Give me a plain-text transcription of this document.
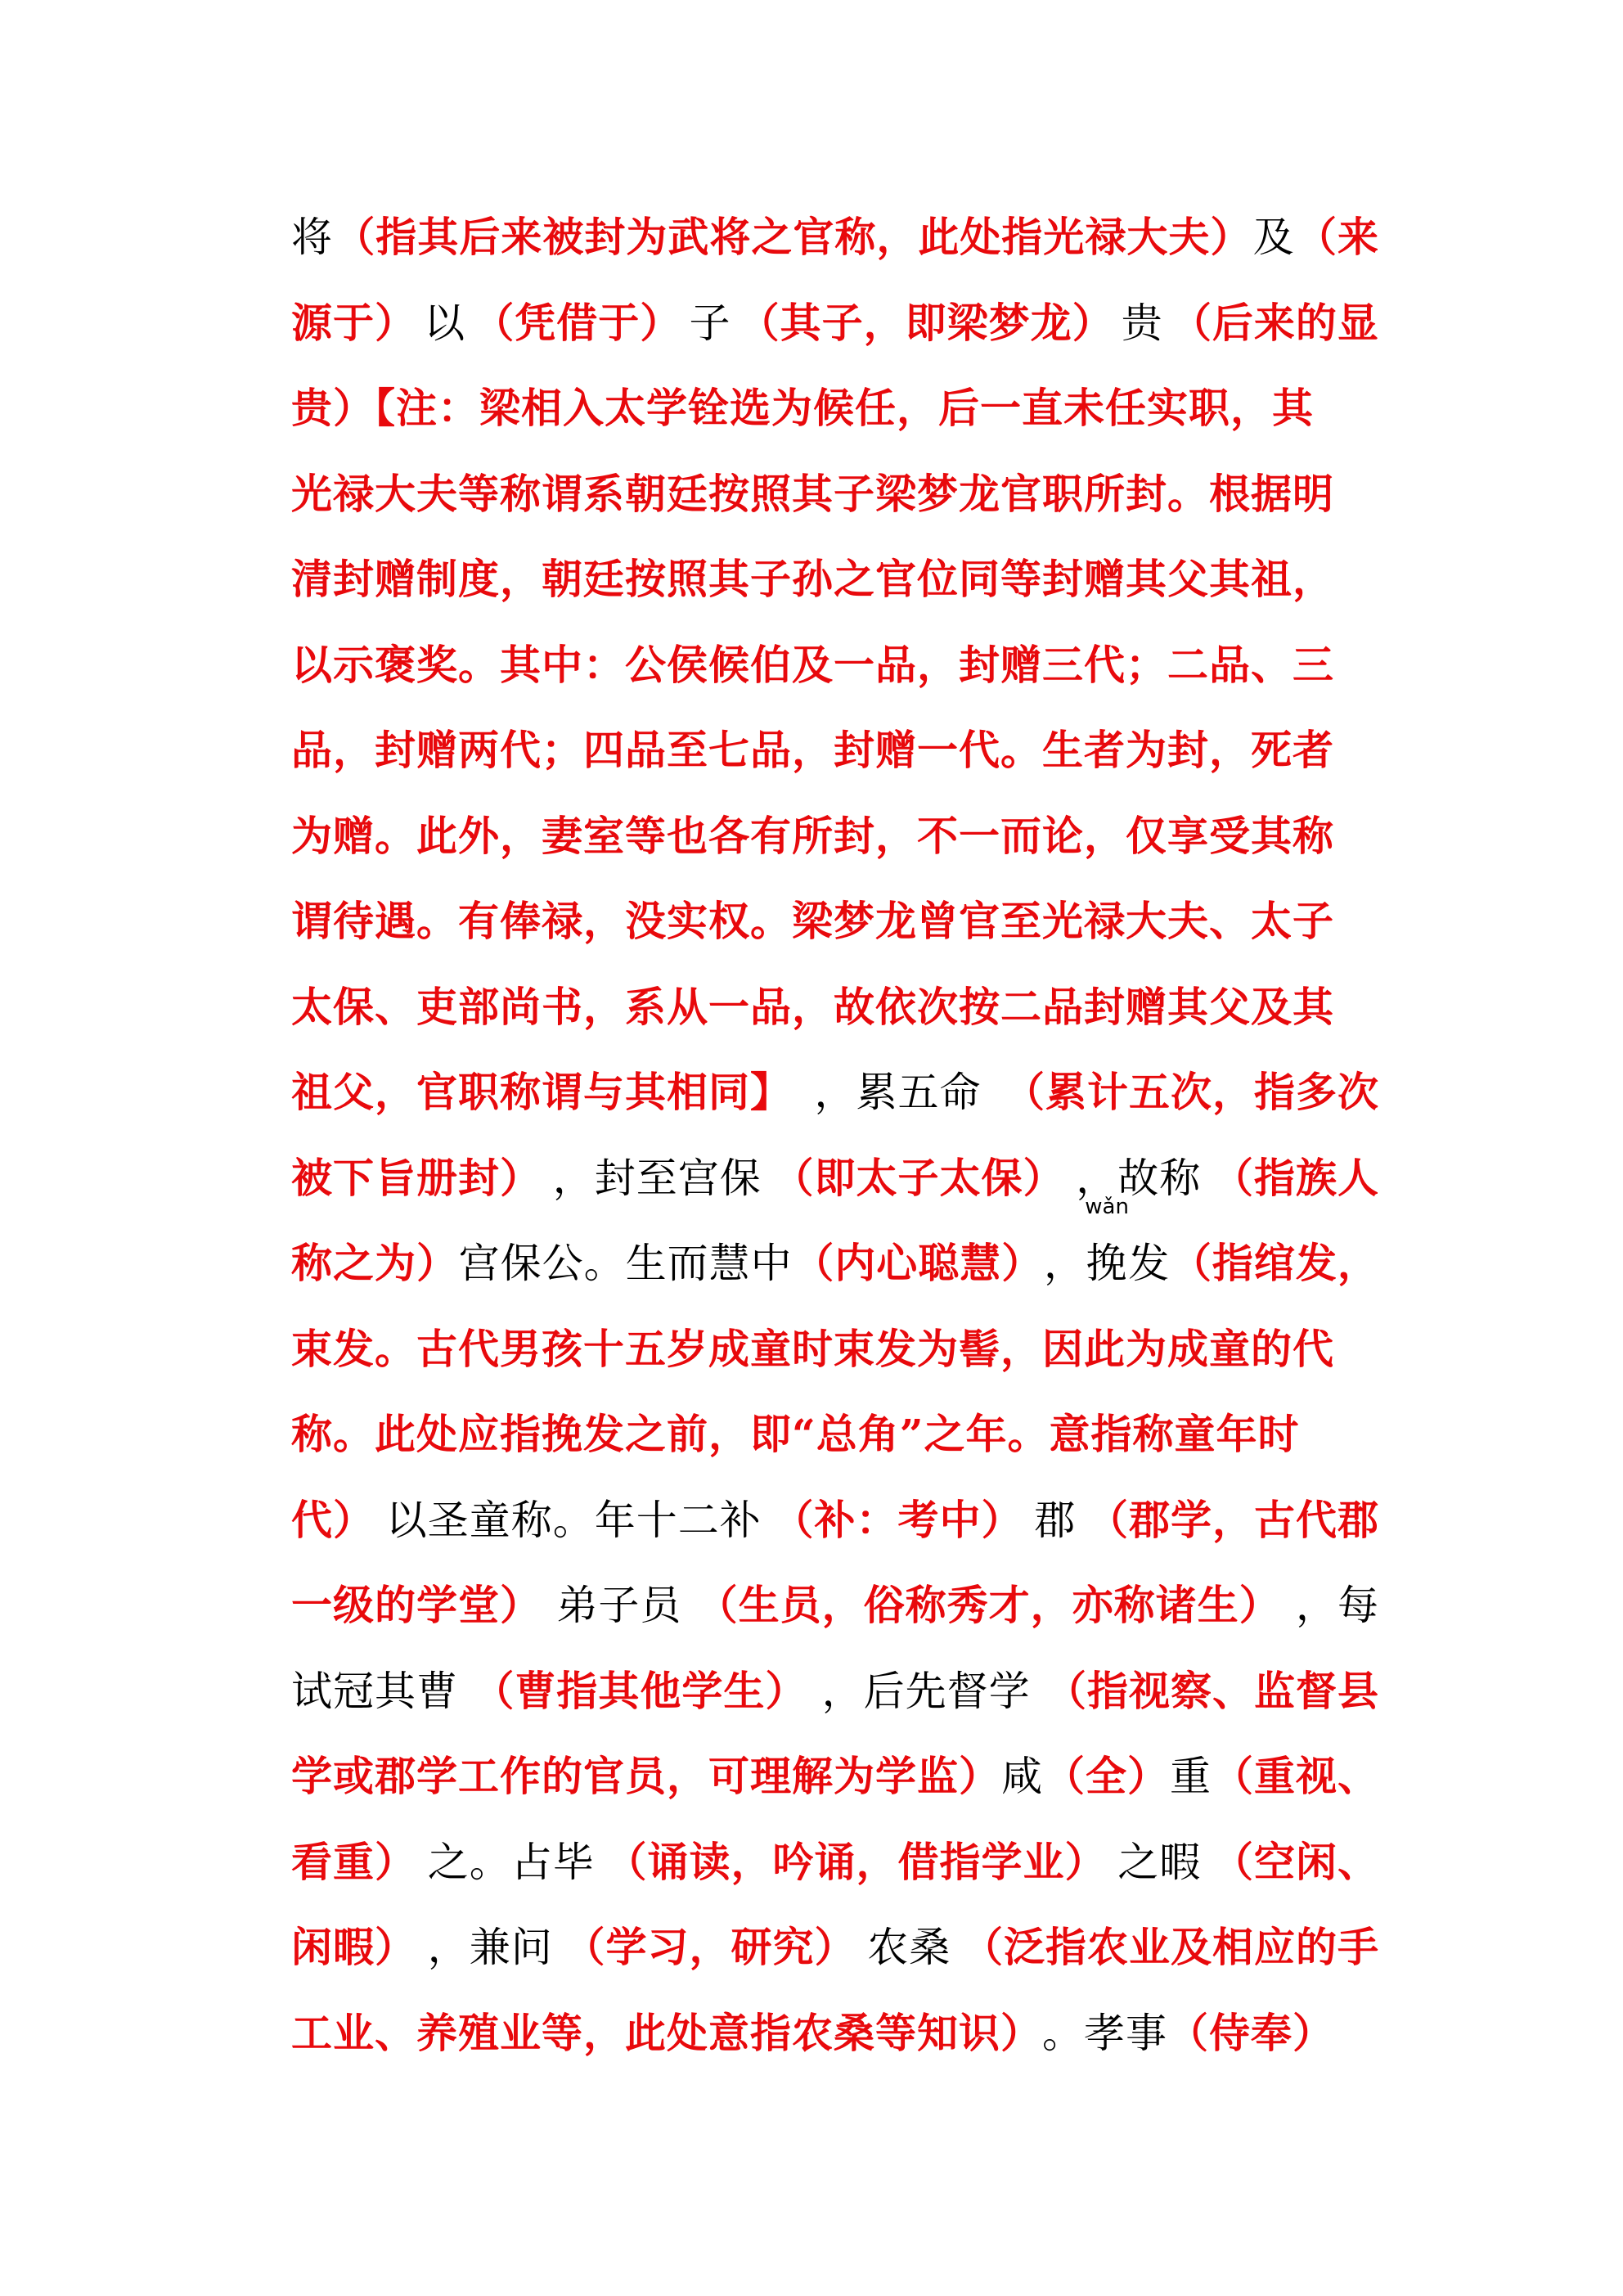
将 （指其后来被封为武将之官称，此处指光禄大夫） 及 （来
源于） 以 （凭借于） 子 （其子，即梁梦龙） 贵 （后来的显
贵）【注：梁相入太学铨选为候任，后一直未任实职，其
光禄大夫等称谓系朝廷按照其子梁梦龙官职所封。根据明
清封赠制度，朝廷按照其子孙之官位同等封赠其父其祖，
以示褒奖。其中：公侯候伯及一品，封赠三代；二品、三
品，封赠两代；四品至七品，封赠一代。生者为封，死者
为赠。此外，妻室等也各有所封，不一而论，仅享受其称
谓待遇。有俸禄，没实权。梁梦龙曾官至光禄大夫、太子
太保、吏部尚书，系从一品，故依次按二品封赠其父及其
祖父，官职称谓与其相同】 ，累五命 （累计五次，指多次
被下旨册封） ，封至宫保 （即太子太保） ，故称 （指族人
称之为） 宫保公。生而慧中 （内心聪慧） ， 挽
wǎn
发 （指绾发，
束发。古代男孩十五岁成童时束发为髻，因此为成童的代
称。此处应指挽发之前，即“总角”之年。意指称童年时
代） 以圣童称。年十二补 （补：考中） 郡 （郡学，古代郡
一级的学堂） 弟子员 （生员，俗称秀才，亦称诸生） ，每
试冠其曹 （曹指其他学生） ，后先督学 （指视察、监督县
学或郡学工作的官员，可理解为学监） 咸 （全） 重 （重视、
看重） 之。占毕 （诵读，吟诵，借指学业） 之暇 （空闲、
闲暇） ，兼问 （学习，研究） 农桑 （泛指农业及相应的手
工业、养殖业等，此处意指农桑等知识） 。孝事 （侍奉）
